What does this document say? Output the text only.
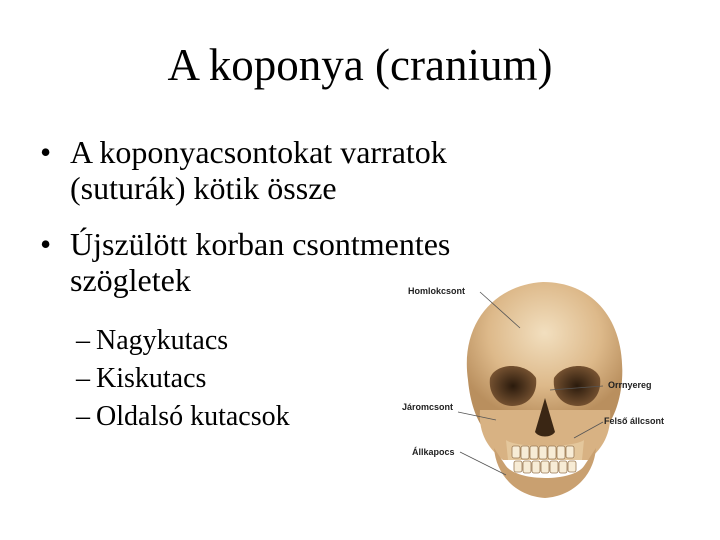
A koponya (cranium)
• A koponyacsontokat varratok
(suturák) kötik össze
• Újszülött korban csontmentes
szögletek
– Nagykutacs
– Kiskutacs
– Oldalsó kutacsok
Homlokcsont
Orrnyereg
Járomcsont
Felső állcsont
Állkapocs
